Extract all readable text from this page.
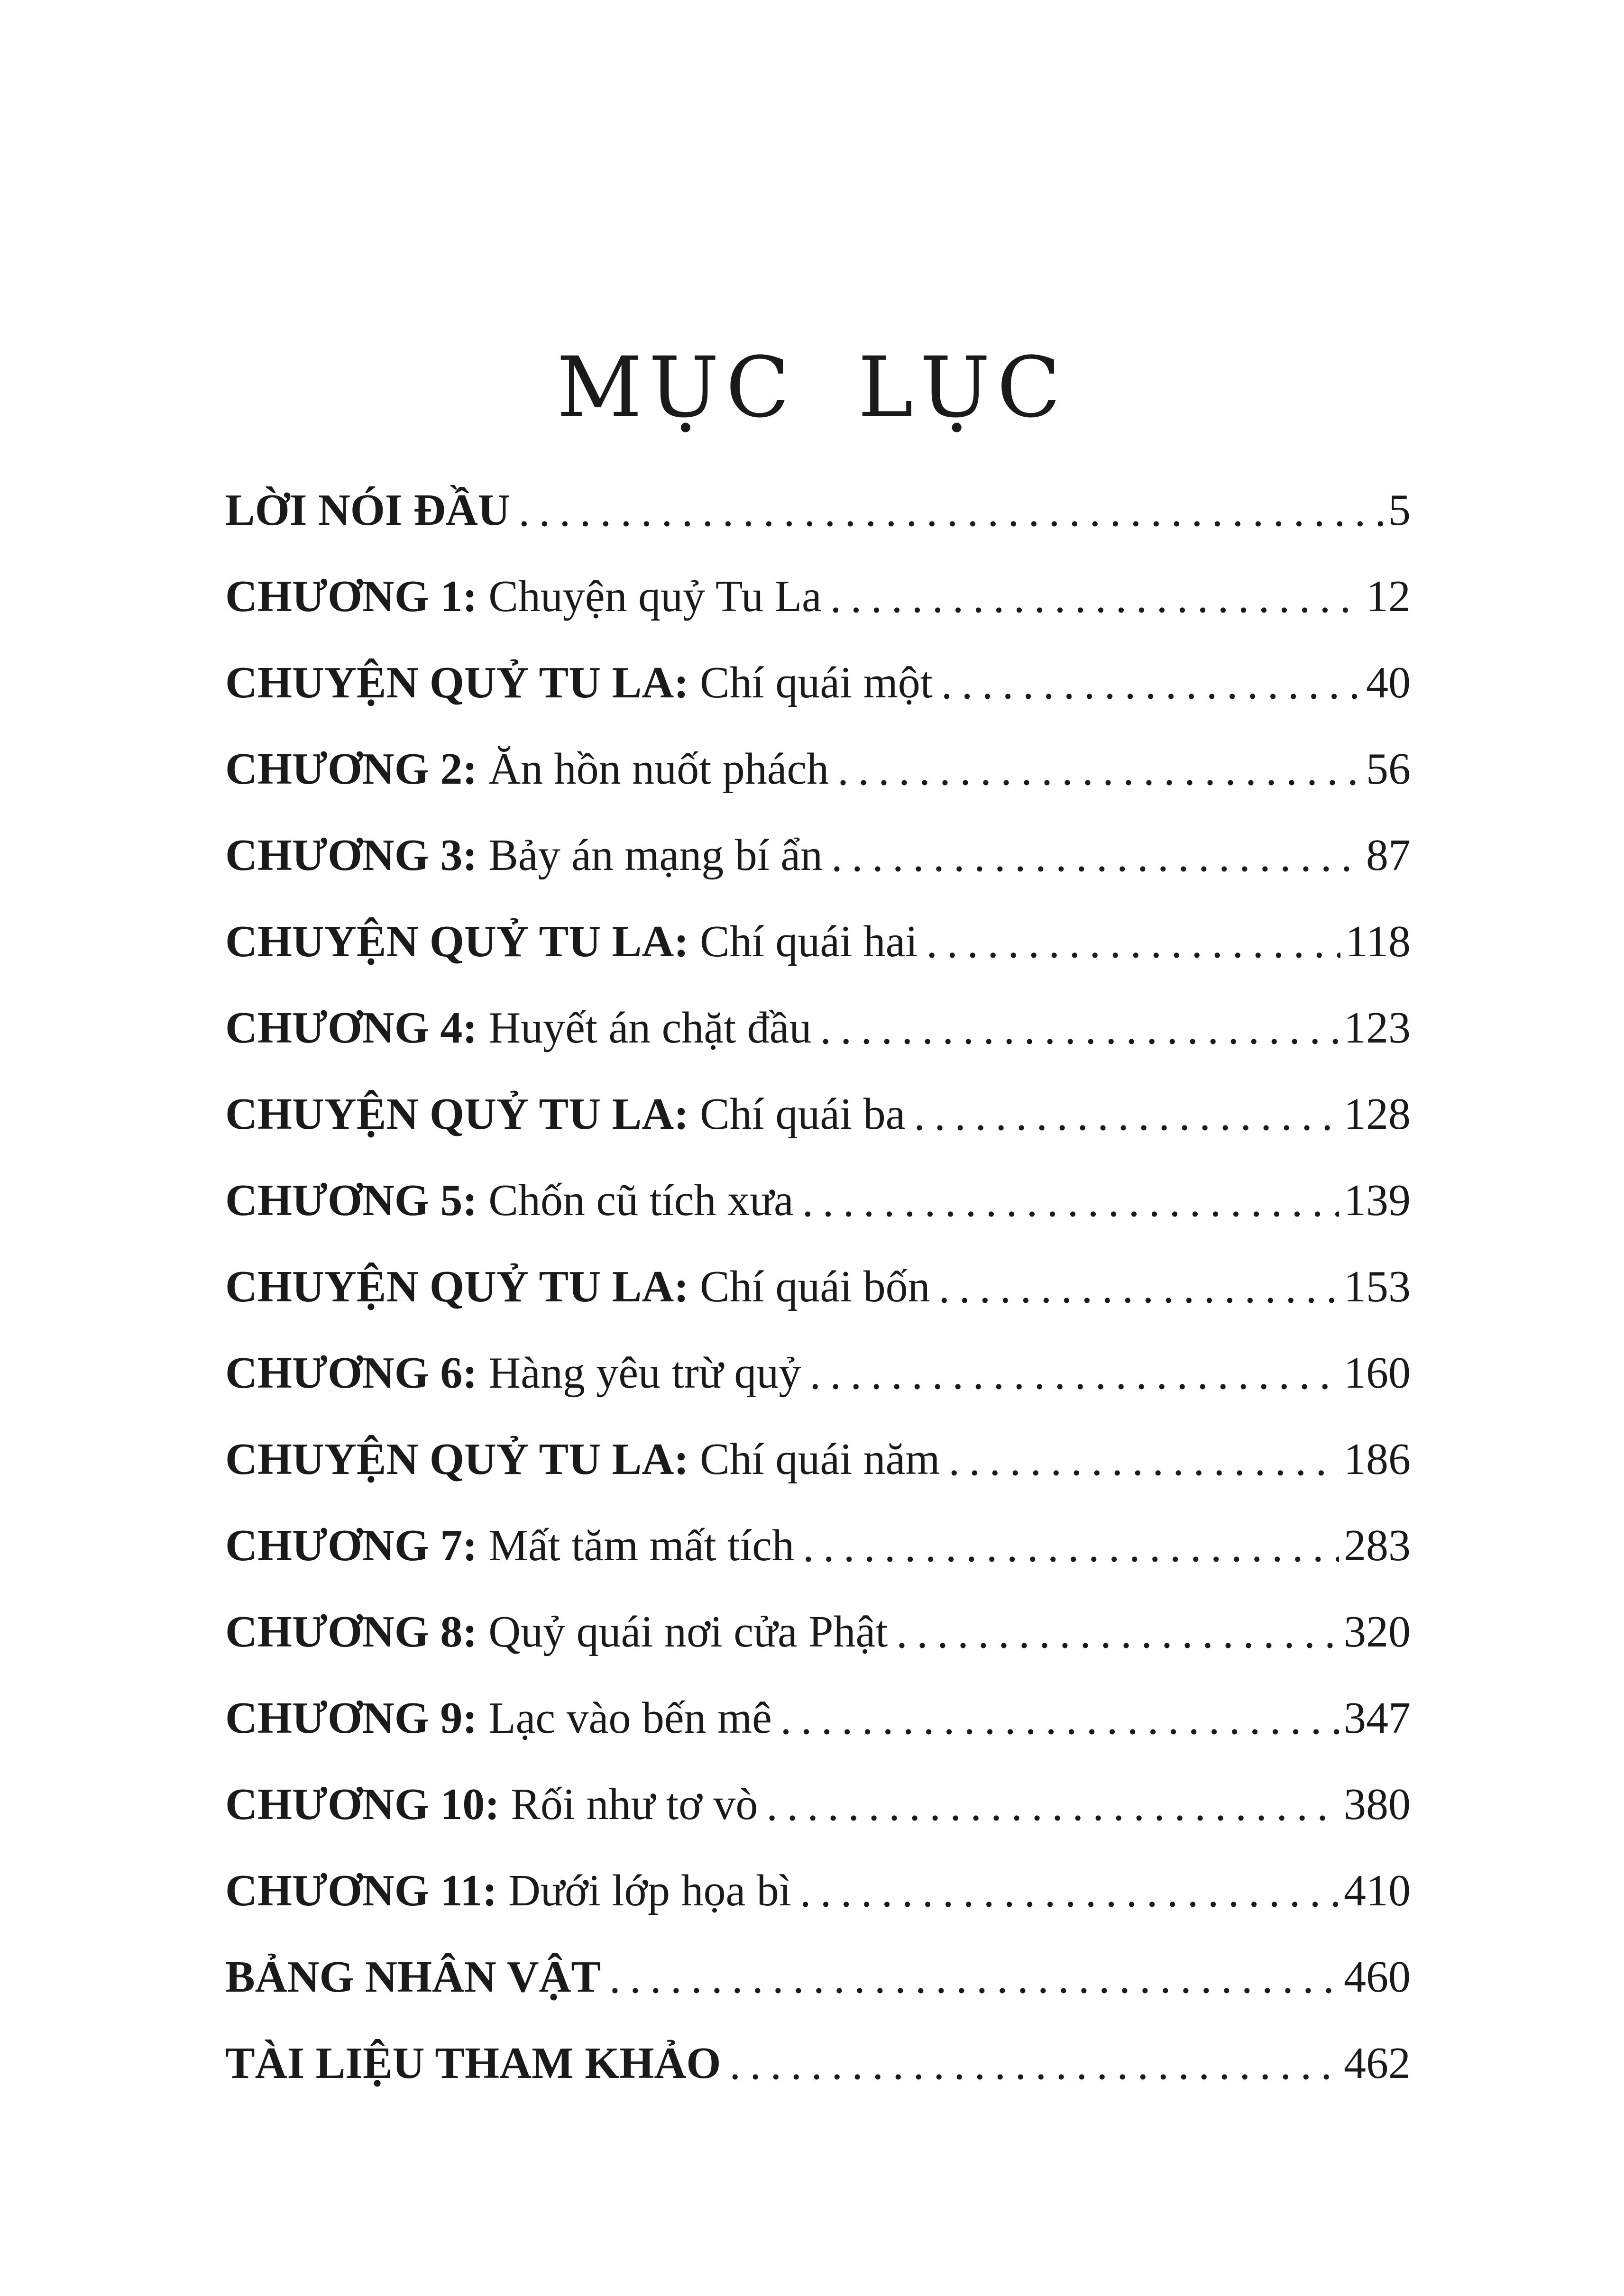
MỤC LỤC
LỜI NÓI ĐẦU . . .	5
CHƯƠNG 1: Chuyện quỷ Tu La . . .	12
CHUYỆN QUỶ TU LA: Chí quái một . . .	40
CHƯƠNG 2: Ăn hồn nuốt phách . . .	56
CHƯƠNG 3: Bảy án mạng bí ẩn . . .	87
CHUYỆN QUỶ TU LA: Chí quái hai . . .	118
CHƯƠNG 4: Huyết án chặt đầu . . .	123
CHUYỆN QUỶ TU LA: Chí quái ba . . .	128
CHƯƠNG 5: Chốn cũ tích xưa . . .	139
CHUYỆN QUỶ TU LA: Chí quái bốn . . .	153
CHƯƠNG 6: Hàng yêu trừ quỷ . . .	160
CHUYỆN QUỶ TU LA: Chí quái năm . . .	186
CHƯƠNG 7: Mất tăm mất tích . . .	283
CHƯƠNG 8: Quỷ quái nơi cửa Phật . . .	320
CHƯƠNG 9: Lạc vào bến mê . . .	347
CHƯƠNG 10: Rối như tơ vò . . .	380
CHƯƠNG 11: Dưới lớp họa bì . . .	410
BẢNG NHÂN VẬT . . .	460
TÀI LIỆU THAM KHẢO . . .	462
